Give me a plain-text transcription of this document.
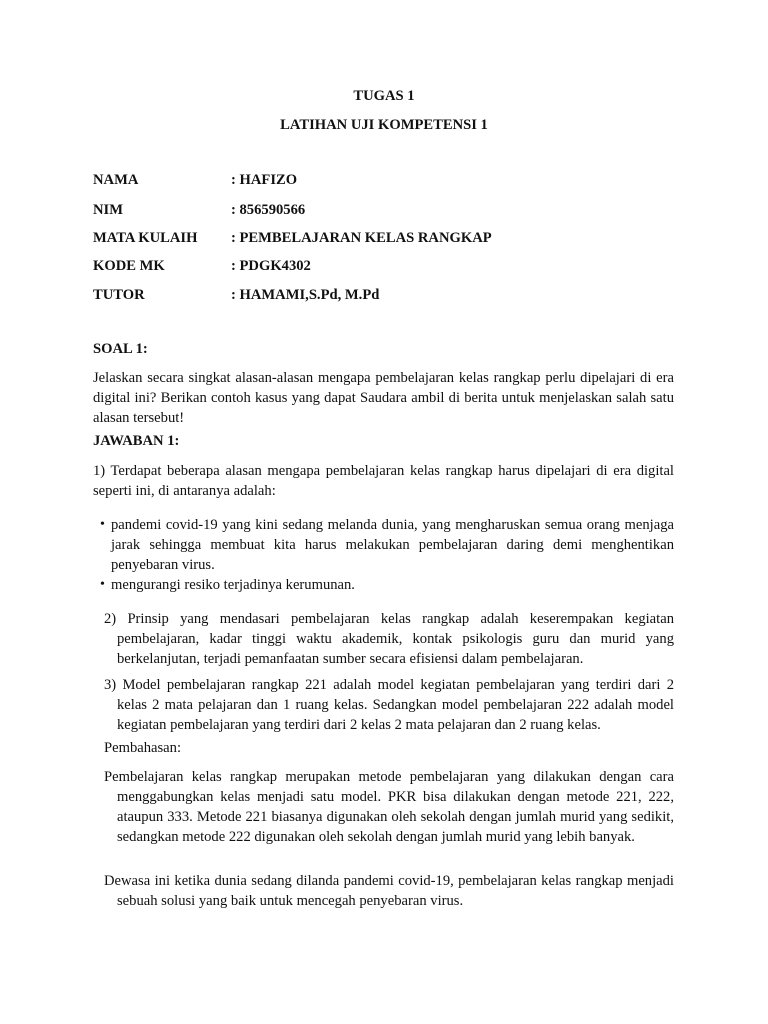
TUGAS 1
LATIHAN UJI KOMPETENSI 1
NAMA	: HAFIZO
NIM	: 856590566
MATA KULAIH : PEMBELAJARAN KELAS RANGKAP
KODE MK	: PDGK4302
TUTOR	: HAMAMI,S.Pd, M.Pd
SOAL 1:
Jelaskan secara singkat alasan-alasan mengapa pembelajaran kelas rangkap perlu dipelajari di era digital ini? Berikan contoh kasus yang dapat Saudara ambil di berita untuk menjelaskan salah satu alasan tersebut!
JAWABAN 1:
1) Terdapat beberapa alasan mengapa pembelajaran kelas rangkap harus dipelajari di era digital seperti ini, di antaranya adalah:
• pandemi covid-19 yang kini sedang melanda dunia, yang mengharuskan semua orang menjaga jarak sehingga membuat kita harus melakukan pembelajaran daring demi menghentikan penyebaran virus.
• mengurangi resiko terjadinya kerumunan.
2) Prinsip yang mendasari pembelajaran kelas rangkap adalah keserempakan kegiatan pembelajaran, kadar tinggi waktu akademik, kontak psikologis guru dan murid yang berkelanjutan, terjadi pemanfaatan sumber secara efisiensi dalam pembelajaran.
3) Model pembelajaran rangkap 221 adalah model kegiatan pembelajaran yang terdiri dari 2 kelas 2 mata pelajaran dan 1 ruang kelas. Sedangkan model pembelajaran 222 adalah model kegiatan pembelajaran yang terdiri dari 2 kelas 2 mata pelajaran dan 2 ruang kelas.
Pembahasan:
Pembelajaran kelas rangkap merupakan metode pembelajaran yang dilakukan dengan cara menggabungkan kelas menjadi satu model. PKR bisa dilakukan dengan metode 221, 222, ataupun 333. Metode 221 biasanya digunakan oleh sekolah dengan jumlah murid yang sedikit, sedangkan metode 222 digunakan oleh sekolah dengan jumlah murid yang lebih banyak.
Dewasa ini ketika dunia sedang dilanda pandemi covid-19, pembelajaran kelas rangkap menjadi sebuah solusi yang baik untuk mencegah penyebaran virus.
